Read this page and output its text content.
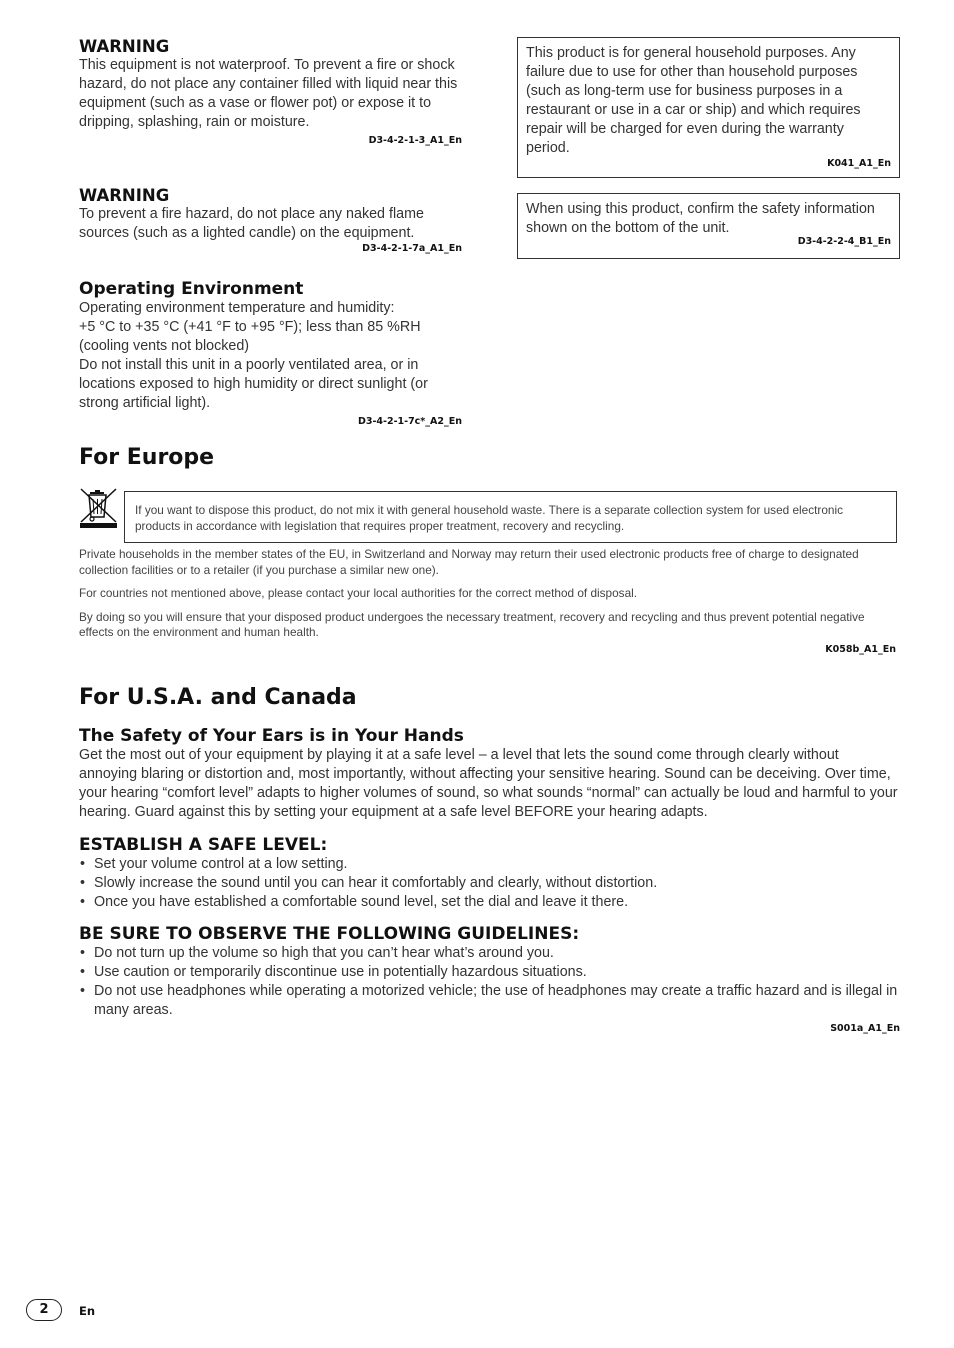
WARNING

This equipment is not waterproof. To prevent a fire or shock hazard, do not place any container filled with liquid near this equipment (such as a vase or flower pot) or expose it to dripping, splashing, rain or moisture.

D3-4-2-1-3_A1_En
WARNING

To prevent a fire hazard, do not place any naked flame sources (such as a lighted candle) on the equipment.

D3-4-2-1-7a_A1_En
Operating Environment

Operating environment temperature and humidity:

+5 °C to +35 °C (+41 °F to +95 °F); less than 85 %RH

(cooling vents not blocked)

Do not install this unit in a poorly ventilated area, or in locations exposed to high humidity or direct sunlight (or strong artificial light).

D3-4-2-1-7c*_A2_En

This product is for general household purposes. Any failure due to use for other than household purposes (such as long-term use for business purposes in a restaurant or use in a car or ship) and which requires repair will be charged for even during the warranty period.

K041_A1_En

When using this product, confirm the safety information shown on the bottom of the unit.

D3-4-2-2-4_B1_En
For Europe

If you want to dispose this product, do not mix it with general household waste. There is a separate collection system for used electronic products in accordance with legislation that requires proper treatment, recovery and recycling.

Private households in the member states of the EU, in Switzerland and Norway may return their used electronic products free of charge to designated collection facilities or to a retailer (if you purchase a similar new one).

For countries not mentioned above, please contact your local authorities for the correct method of disposal.

By doing so you will ensure that your disposed product undergoes the necessary treatment, recovery and recycling and thus prevent potential negative effects on the environment and human health.

K058b_A1_En
For U.S.A. and Canada
The Safety of Your Ears is in Your Hands

Get the most out of your equipment by playing it at a safe level – a level that lets the sound come through clearly without annoying blaring or distortion and, most importantly, without affecting your sensitive hearing. Sound can be deceiving. Over time, your hearing “comfort level” adapts to higher volumes of sound, so what sounds “normal” can actually be loud and harmful to your hearing. Guard against this by setting your equipment at a safe level BEFORE your hearing adapts.

ESTABLISH A SAFE LEVEL:
• Set your volume control at a low setting.
• Slowly increase the sound until you can hear it comfortably and clearly, without distortion.
• Once you have established a comfortable sound level, set the dial and leave it there.
BE SURE TO OBSERVE THE FOLLOWING GUIDELINES:
• Do not turn up the volume so high that you can’t hear what’s around you.
• Use caution or temporarily discontinue use in potentially hazardous situations.
• Do not use headphones while operating a motorized vehicle; the use of headphones may create a traffic hazard and is illegal in many areas.
S001a_A1_En
2	En
